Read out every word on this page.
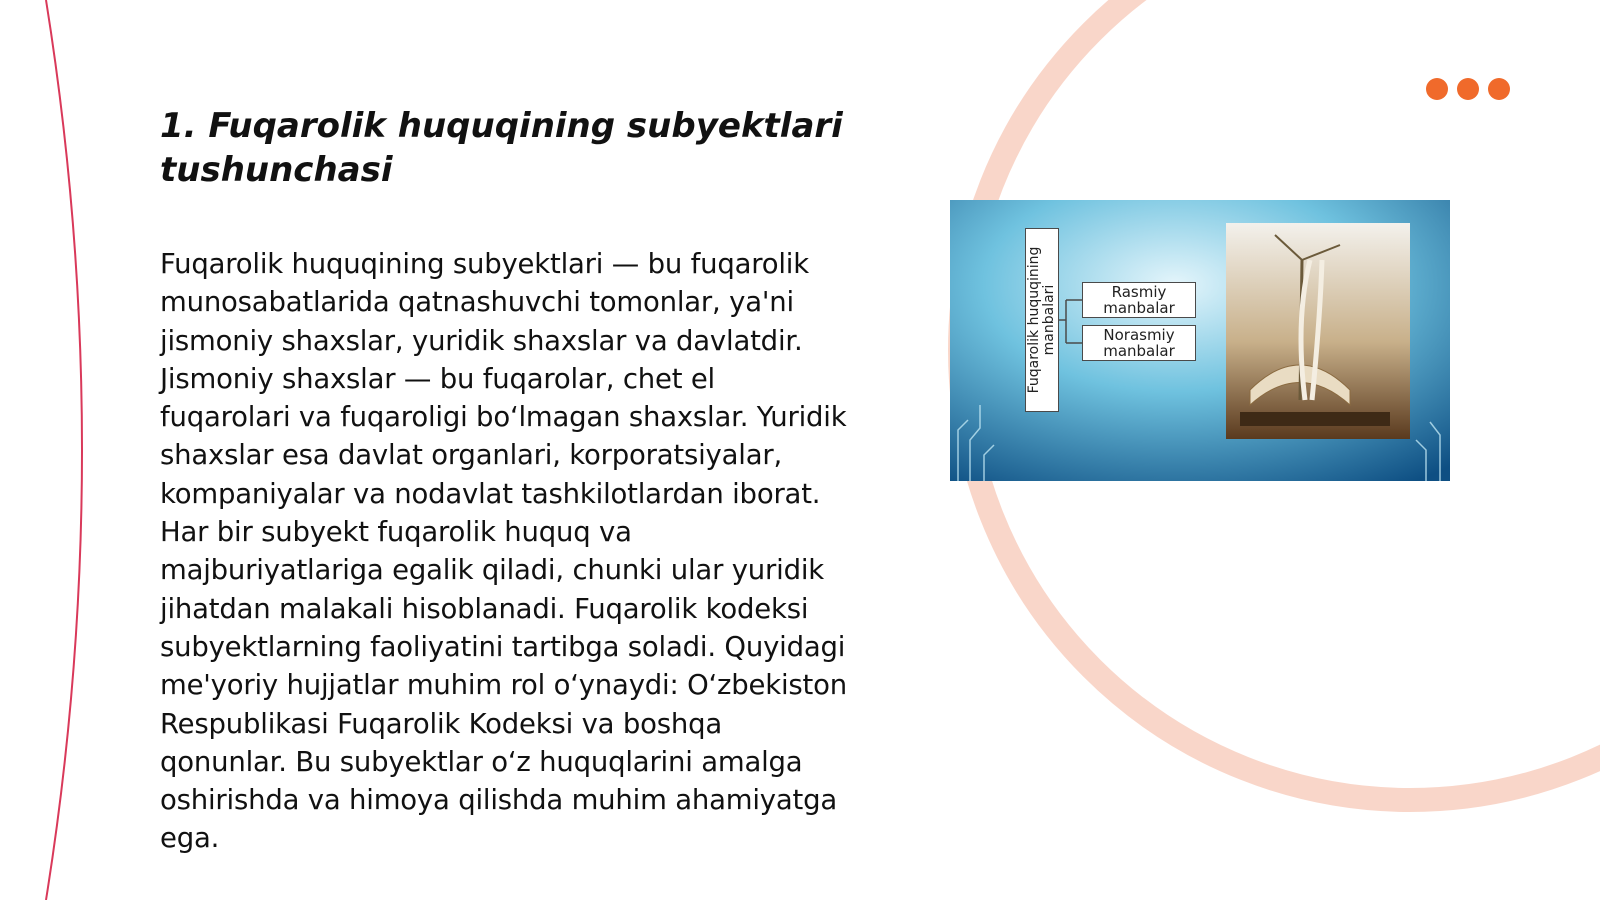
1. Fuqarolik huquqining subyektlari tushunchasi

Fuqarolik huquqining subyektlari — bu fuqarolik munosabatlarida qatnashuvchi tomonlar, ya'ni jismoniy shaxslar, yuridik shaxslar va davlatdir. Jismoniy shaxslar — bu fuqarolar, chet el fuqarolari va fuqaroligi bo‘lmagan shaxslar. Yuridik shaxslar esa davlat organlari, korporatsiyalar, kompaniyalar va nodavlat tashkilotlardan iborat. Har bir subyekt fuqarolik huquq va majburiyatlariga egalik qiladi, chunki ular yuridik jihatdan malakali hisoblanadi. Fuqarolik kodeksi subyektlarning faoliyatini tartibga soladi. Quyidagi me'yoriy hujjatlar muhim rol o‘ynaydi: O‘zbekiston Respublikasi Fuqarolik Kodeksi va boshqa qonunlar. Bu subyektlar o‘z huquqlarini amalga oshirishda va himoya qilishda muhim ahamiyatga ega.

Fuqarolik huquqining manbalari	Rasmiy manbalar
Norasmiy manbalar
